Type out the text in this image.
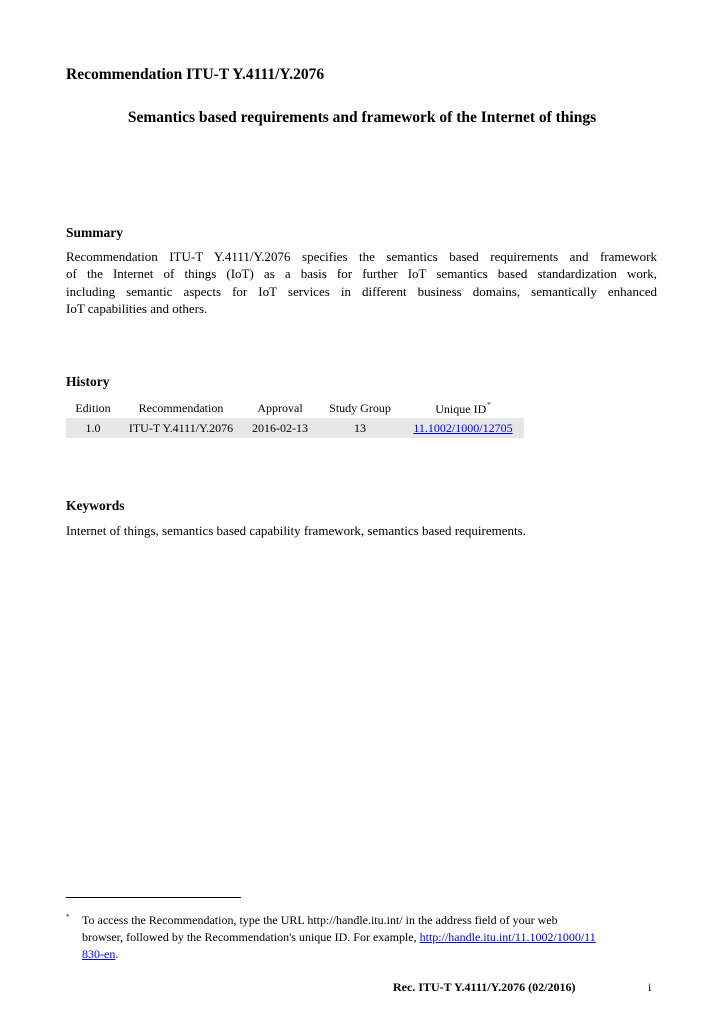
Recommendation ITU-T Y.4111/Y.2076
Semantics based requirements and framework of the Internet of things
Summary

Recommendation ITU-T Y.4111/Y.2076 specifies the semantics based requirements and framework
of the Internet of things (IoT) as a basis for further IoT semantics based standardization work,
including semantic aspects for IoT services in different business domains, semantically enhanced
IoT capabilities and others.

History
Edition	Recommendation	Approval	Study Group	Unique ID*
1.0	ITU-T Y.4111/Y.2076	2016-02-13	13	11.1002/1000/12705
Keywords

Internet of things, semantics based capability framework, semantics based requirements.

* To access the Recommendation, type the URL http://handle.itu.int/ in the address field of your web
browser, followed by the Recommendation's unique ID. For example, http://handle.itu.int/11.1002/1000/11
830-en.
Rec. ITU-T Y.4111/Y.2076 (02/2016)	i
